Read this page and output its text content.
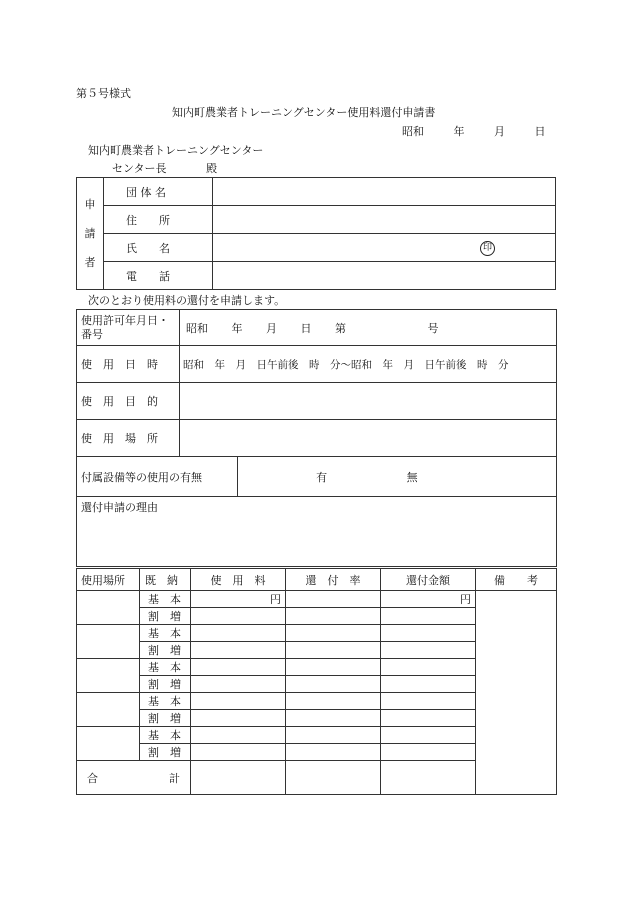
第５号様式
知内町農業者トレーニングセンター使用料還付申請書
昭和	年	月	日
知内町農業者トレーニングセンター
センター長	殿
申
請
者	団 体 名	
	住　　所	
	氏　　名	印
	電　　話	
次のとおり使用料の還付を申請します。
使用許可年月日・番号	昭和 年 月 日 第 号	
使　用　日　時	昭和　年　月　日午前後　時　分～昭和　年　月　日午前後　時　分	
使　用　目　的		
使　用　場　所		
付属設備等の使用の有無		有 無
還付申請の理由		
使用場所	既　納	使　用　料	還　付　率	還付金額	備　　考
	基　本	円		円	
	割　増				
	基　本				
	割　増				
	基　本				
	割　増				
	基　本				
	割　増				
	基　本				
	割　増				
合 計					
